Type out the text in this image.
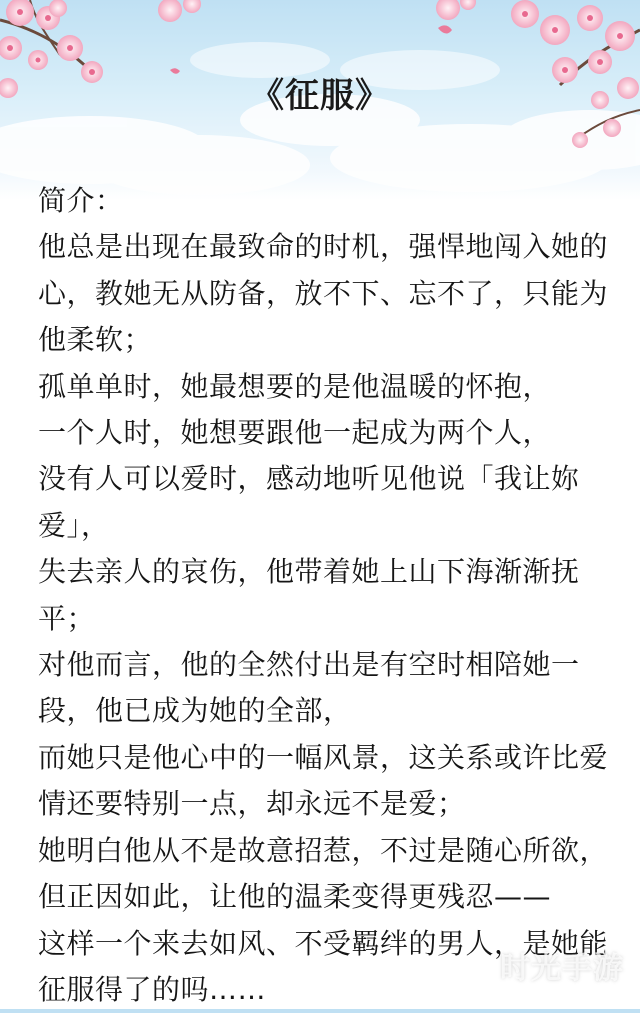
《征服》

简介：

他总是出现在最致命的时机，强悍地闯入她的心，教她无从防备，放不下、忘不了，只能为他柔软；

孤单单时，她最想要的是他温暖的怀抱，

一个人时，她想要跟他一起成为两个人，

没有人可以爱时，感动地听见他说「我让妳爱」，

失去亲人的哀伤，他带着她上山下海渐渐抚平；

对他而言，他的全然付出是有空时相陪她一段，他已成为她的全部，

而她只是他心中的一幅风景，这关系或许比爱情还要特别一点，却永远不是爱；

她明白他从不是故意招惹，不过是随心所欲，但正因如此，让他的温柔变得更残忍——

这样一个来去如风、不受羁绊的男人，是她能征服得了的吗……

时光手游
